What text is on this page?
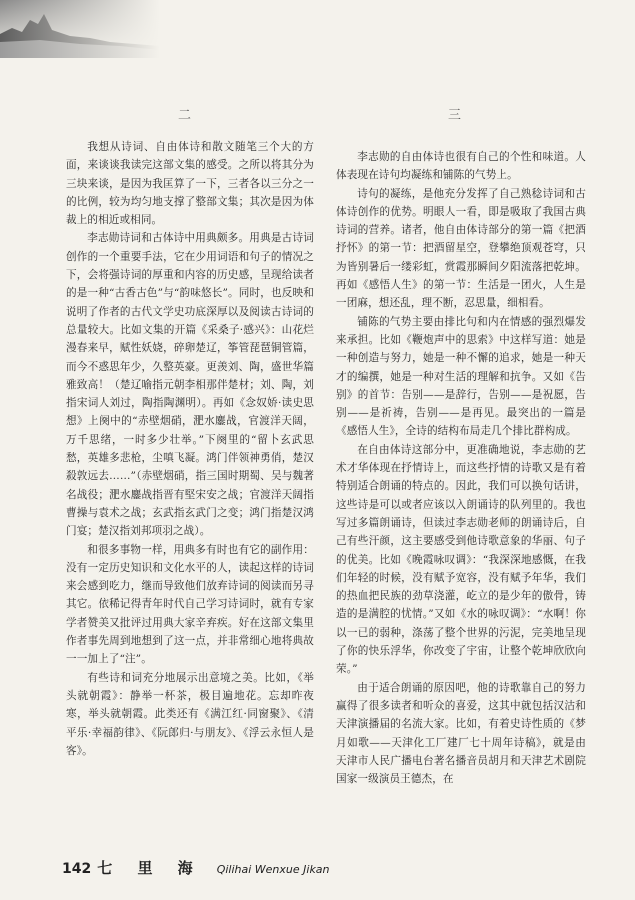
二	三

我想从诗词、自由体诗和散文随笔三个大的方面，来谈谈我读完这部文集的感受。之所以将其分为三块来谈，是因为我匡算了一下，三者各以三分之一的比例，较为均匀地支撑了整部文集；其次是因为体裁上的相近或相同。

李志勋诗词和古体诗中用典颇多。用典是古诗词创作的一个重要手法，它在少用词语和句子的情况之下，会将强诗词的厚重和内容的历史感，呈现给读者的是一种“古香古色”与“韵味悠长”。同时，也反映和说明了作者的古代文学史功底深厚以及阅读古诗词的总量较大。比如文集的开篇《采桑子·感兴》：山花烂漫春来早，赋性妖娆，碎卵楚辽，筝管琵琶铜管篇，而今不惑思年少，久整英豪。更羡刘、陶，盛世华篇雅致高！（楚辽喻指元朝李相那伴楚材；刘、陶，刘指宋词人刘过，陶指陶渊明）。再如《念奴娇·读史思想》上阕中的“赤壁烟硝，淝水鏖战，官渡洋天阔，万千思绪，一时多少壮举。”下阕里的“留卜玄武思愁，英雄多悲枪，尘嗔飞凝。鸿门伴领神勇俏，楚汉殺敦远去……”（赤壁烟硝，指三国时期蜀、吴与魏著名战役；淝水鏖战指晋有堅宋安之战；官渡洋天阔指曹操与袁术之战；玄武指玄武门之变；鸿门指楚汉鸿门宴；楚汉指刘邦项羽之战）。

和很多事物一样，用典多有时也有它的副作用：没有一定历史知识和文化水平的人，读起这样的诗词来会感到吃力，继而导致他们放弃诗词的阅读而另寻其它。依稀记得青年时代自己学习诗词时，就有专家学者赞美又批评过用典大家辛弃疾。好在这部文集里作者事先周到地想到了这一点，并非常细心地将典故一一加上了“注”。

有些诗和词充分地展示出意境之美。比如，《举头就朝霞》：静举一杯茶，极目遍地花。忘却昨夜寒，举头就朝霞。此类还有《满江红·同窗聚》、《清平乐·幸福韵律》、《阮郎归·与朋友》、《浮云永恒人是客》。

李志勋的自由体诗也很有自己的个性和味道。人体表现在诗句均凝练和铺陈的气势上。

诗句的凝练，是他充分发挥了自己熟稔诗词和古体诗创作的优势。明眼人一看，即是吸取了我国古典诗词的营养。诸者，他自由体诗部分的第一篇《把酒抒怀》的第一节：把酒留星空，登攀绝顶观苍穹，只为皆别暑后一缕彩虹，赏霞那瞬间夕阳流落把乾坤。再如《感悟人生》的第一节：生活是一团火，人生是一团麻，想还乱，理不断，忍思量，细相看。

铺陈的气势主要由排比句和内在情感的强烈爆发来承担。比如《鞭炮声中的思索》中这样写道：她是一种创造与努力，她是一种不懈的追求，她是一种天才的编撰，她是一种对生活的理解和抗争。又如《告别》的首节：告别——是辞行，告别——是祝愿，告别——是祈祷，告别——是再见。最突出的一篇是《感悟人生》，全诗的结构布局走几个排比群构成。

在自由体诗这部分中，更准确地说，李志勋的艺术才华体现在抒情诗上，而这些抒情的诗歌又是有着特别适合朗诵的特点的。因此，我们可以换句话讲，这些诗是可以或者应该以入朗诵诗的队列里的。我也写过多篇朗诵诗，但读过李志勋老师的朗诵诗后，自己有些汗颜，这主要感受到他诗歌意象的华丽、句子的优美。比如《晚霞咏叹调》：“我深深地感慨，在我们年轻的时候，没有赋予宽容，没有赋予年华，我们的热血把民族的劲草浇灌，屹立的是少年的傲骨，铸造的是满腔的忧情。”又如《水的咏叹调》：“水啊！你以一已的弱种，涤荡了整个世界的污泥，完美地呈现了你的快乐浮华，你改变了宇宙，让整个乾坤欣欣向荣。”

由于适合朗诵的原因吧，他的诗歌靠自己的努力赢得了很多读者和听众的喜爱，这其中就包括汉沽和天津演播届的名流大家。比如，有着史诗性质的《梦月如歌——天津化工厂建厂七十周年诗稿》，就是由天津市人民广播电台著名播音员胡月和天津艺术剧院国家一级演员王德杰，在

142 七 里 海 Qilihai Wenxue Jikan
